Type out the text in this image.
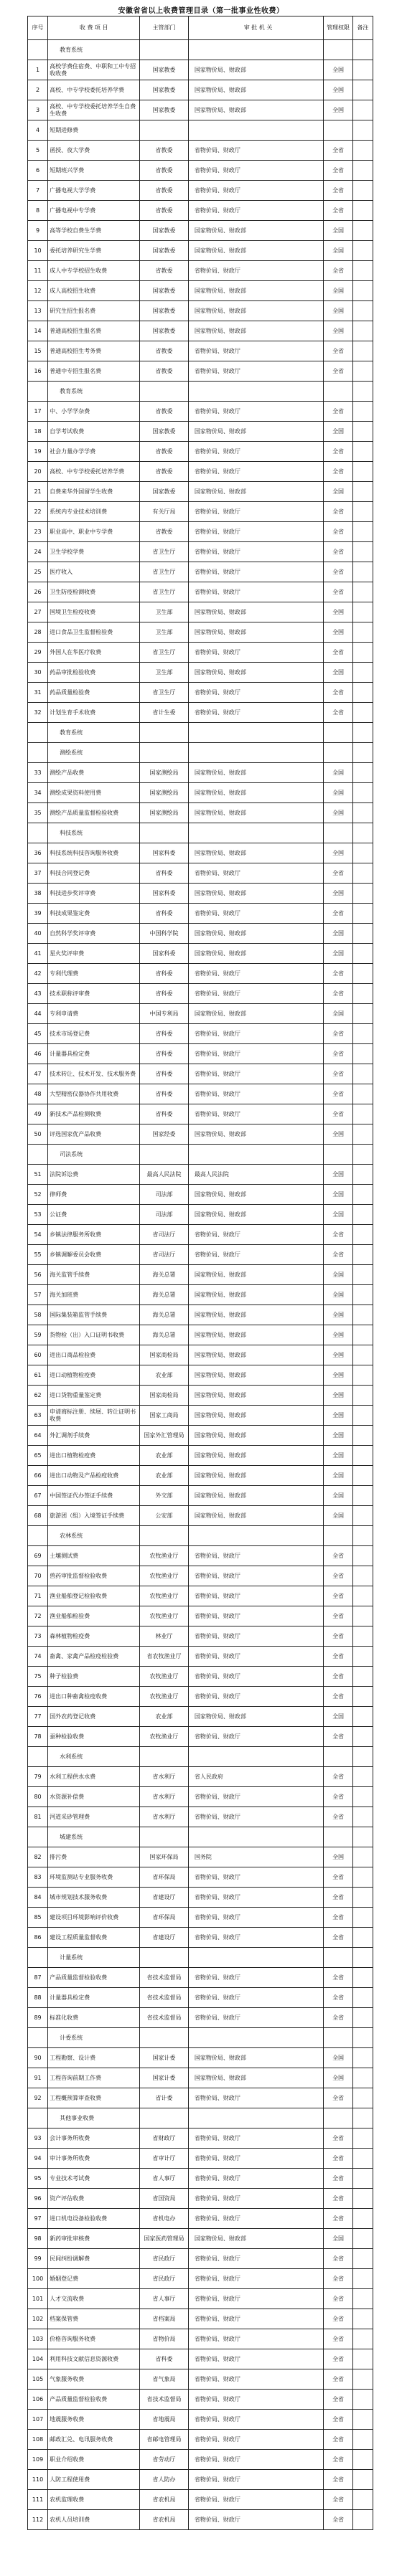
安徽省省以上收费管理目录（第一批事业性收费）
序号	收 费 项 目	主管部门	审 批 机 关	管理权限	备注
	教育系统				
1	高校学费住宿费、中职和工中专招收收费	国家教委	国家物价局、财政部	全国	
2	高校、中专学校委托培养学费	国家教委	国家物价局、财政部	全国	
3	高校、中专学校委托培养学生自费生收费	国家教委	国家物价局、财政部	全国	
4	短期进修费				
5	函授、夜大学费	省教委	省物价局、财政厅	全省	
6	短期班兴学费	省教委	省物价局、财政厅	全省	
7	广播电视大学学费	省教委	省物价局、财政厅	全省	
8	广播电视中专学费	省教委	省物价局、财政厅	全省	
9	高等学校自费生学费	国家教委	国家物价局、财政部	全国	
10	委托培养研究生学费	国家教委	国家物价局、财政部	全国	
11	成人中专学校招生收费	省教委	省物价局、财政厅	全省	
12	成人高校招生收费	国家教委	国家物价局、财政部	全国	
13	研究生招生报名费	国家教委	国家物价局、财政部	全国	
14	普通高校招生报名费	国家教委	国家物价局、财政部	全国	
15	普通高校招生考务费	省教委	省物价局、财政厅	全省	
16	普通中专招生报名费	省教委	省物价局、财政厅	全省	
	教育系统				
17	中、小学学杂费	省教委	省物价局、财政厅	全省	
18	自学考试收费	国家教委	国家物价局、财政部	全国	
19	社会力量办学学费	省教委	省物价局、财政厅	全省	
20	高校、中专学校委托培养学费	省教委	省物价局、财政厅	全省	
21	自费来华外国留学生收费	国家教委	国家物价局、财政部	全国	
22	系统内专业技术培训费	有关厅局	省物价局、财政厅	全省	
23	职业高中、职业中专学费	省教委	省物价局、财政厅	全省	
24	卫生学校学费	省卫生厅	省物价局、财政厅	全省	
25	医疗收入	省卫生厅	省物价局、财政厅	全省	
26	卫生防疫检测收费	省卫生厅	省物价局、财政厅	全省	
27	国境卫生检疫收费	卫生部	国家物价局、财政部	全国	
28	进口食品卫生监督检验费	卫生部	国家物价局、财政部	全国	
29	外国人在华医疗收费	省卫生厅	省物价局、财政厅	全省	
30	药品审批检验收费	卫生部	国家物价局、财政部	全国	
31	药品质量检验费	省卫生厅	省物价局、财政厅	全省	
32	计划生育手术收费	省计生委	省物价局、财政厅	全省	
	教育系统				
	测绘系统				
33	测绘产品收费	国家测绘局	国家物价局、财政部	全国	
34	测绘成果资料使用费	国家测绘局	国家物价局、财政部	全国	
35	测绘产品质量监督检验收费	国家测绘局	国家物价局、财政部	全国	
	科技系统				
36	科技系统科技咨询服务收费	国家科委	国家物价局、财政部	全国	
37	科技合同登记费	省科委	省物价局、财政厅	全省	
38	科技进步奖评审费	国家科委	国家物价局、财政部	全国	
39	科技成果鉴定费	省科委	省物价局、财政厅	全省	
40	自然科学奖评审费	中国科学院	国家物价局、财政部	全国	
41	星火奖评审费	国家科委	国家物价局、财政部	全国	
42	专利代理费	省科委	省物价局、财政厅	全省	
43	技术职称评审费	省科委	省物价局、财政厅	全省	
44	专利申请费	中国专利局	国家物价局、财政部	全国	
45	技术市场登记费	省科委	省物价局、财政厅	全省	
46	计量器具检定费	省科委	省物价局、财政厅	全省	
47	技术转让、技术开发、技术服务费	省科委	省物价局、财政厅	全省	
48	大型精密仪器协作共用收费	省科委	省物价局、财政厅	全省	
49	新技术产品检测收费	省科委	省物价局、财政厅	全省	
50	评选国家优产品收费	国家经委	国家物价局、财政部	全国	
	司法系统				
51	法院诉讼费	最高人民法院	最高人民法院	全国	
52	律师费	司法部	国家物价局、财政部	全国	
53	公证费	司法部	国家物价局、财政部	全国	
54	乡镇法律服务所收费	省司法厅	省物价局、财政厅	全省	
55	乡镇调解委员会收费	省司法厅	省物价局、财政厅	全省	
56	海关监管手续费	海关总署	国家物价局、财政部	全国	
57	海关加班费	海关总署	国家物价局、财政部	全国	
58	国际集装箱监管手续费	海关总署	国家物价局、财政部	全国	
59	货物检（出）入口证明书收费	海关总署	国家物价局、财政部	全国	
60	进出口商品检验费	国家商检局	国家物价局、财政部	全国	
61	进口动植物检疫费	农业部	国家物价局、财政部	全国	
62	进口货物重量鉴定费	国家商检局	国家物价局、财政部	全国	
63	申请商标注册、续展、转让证明书收费	国家工商局	国家物价局、财政部	全国	
64	外汇调剂手续费	国家外汇管理局	国家物价局、财政部	全国	
65	进出口植物检疫费	农业部	国家物价局、财政部	全国	
66	进出口动物及产品检疫收费	农业部	国家物价局、财政部	全国	
67	中国签证代办签证手续费	外交部	国家物价局、财政部	全国	
68	旅游团（组）入境签证手续费	公安部	国家物价局、财政部	全国	
	农林系统				
69	土壤测试费	农牧渔业厅	省物价局、财政厅	全省	
70	兽药审批监督检验收费	农牧渔业厅	省物价局、财政厅	全省	
71	渔业船舶登记检验收费	农牧渔业厅	省物价局、财政厅	全省	
72	渔业船舶检验费	农牧渔业厅	省物价局、财政厅	全省	
73	森林植物检疫费	林业厅	省物价局、财政厅	全省	
74	畜禽、家禽产品检疫检验费	省农牧渔业厅	省物价局、财政厅	全省	
75	种子检验费	农牧渔业厅	省物价局、财政厅	全省	
76	进出口种畜禽检疫收费	农牧渔业厅	省物价局、财政厅	全省	
77	国外农药登记收费	农业部	国家物价局、财政部	全国	
78	蚕种检验收费	农牧渔业厅	省物价局、财政厅	全省	
	水利系统				
79	水利工程供水水费	省水利厅	省人民政府	全省	
80	水资源补偿费	省水利厅	省物价局、财政厅	全省	
81	河道采砂管理费	省水利厅	省物价局、财政厅	全省	
	城建系统				
82	排污费	国家环保局	国务院	全国	
83	环境监测站专业服务收费	省环保局	省物价局、财政厅	全省	
84	城市规划技术服务收费	省建设厅	省物价局、财政厅	全省	
85	建设项目环境影响评价收费	省环保局	省物价局、财政厅	全省	
86	建设工程质量监督收费	省建设厅	省物价局、财政厅	全省	
	计量系统				
87	产品质量监督检验收费	省技术监督局	省物价局、财政厅	全省	
88	计量器具检定费	省技术监督局	省物价局、财政厅	全省	
89	标准化收费	省技术监督局	省物价局、财政厅	全省	
	计委系统				
90	工程勘察、设计费	国家计委	国家物价局、财政部	全国	
91	工程咨询前期工作费	国家计委	国家物价局、财政部	全国	
92	工程概预算审查收费	省计委	省物价局、财政厅	全省	
	其他事业收费				
93	会计事务所收费	省财政厅	省物价局、财政厅	全省	
94	审计事务所收费	省审计厅	省物价局、财政厅	全省	
95	专业技术考试费	省人事厅	省物价局、财政厅	全省	
96	资产评估收费	省国资局	省物价局、财政厅	全省	
97	进口机电设备检验收费	省机电办	省物价局、财政厅	全省	
98	新药审批审核费	国家医药管理局	国家物价局、财政部	全国	
99	民间纠纷调解费	省民政厅	省物价局、财政厅	全省	
100	婚姻登记费	省民政厅	省物价局、财政厅	全省	
101	人才交流收费	省人事厅	省物价局、财政厅	全省	
102	档案保管费	省档案局	省物价局、财政厅	全省	
103	价格咨询服务收费	省物价局	省物价局、财政厅	全省	
104	利用科技文献信息资源收费	省科委	省物价局、财政厅	全省	
105	气象服务收费	省气象局	省物价局、财政厅	全省	
106	产品质量监督检验收费	省技术监督局	省物价局、财政厅	全省	
107	地震服务收费	省地震局	省物价局、财政厅	全省	
108	邮政汇兑、电讯服务收费	省邮电管理局	省物价局、财政厅	全省	
109	职业介绍收费	省劳动厅	省物价局、财政厅	全省	
110	人防工程使用费	省人防办	省物价局、财政厅	全省	
111	农机监理收费	省农机局	省物价局、财政厅	全省	
112	农机人员培训费	省农机局	省物价局、财政厅	全省	
